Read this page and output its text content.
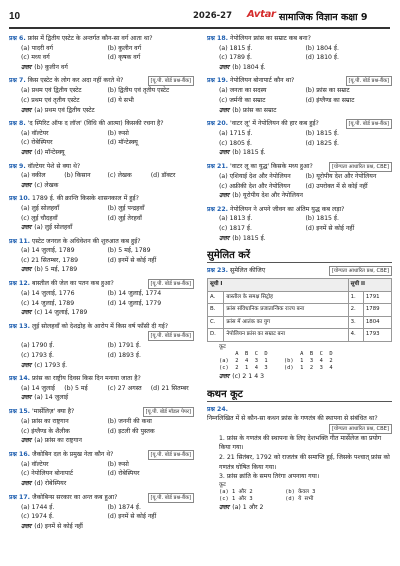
10	2026-27 Avtar सामाजिक विज्ञान कक्षा 9
प्रश्न 6. फ्रांस में द्वितीय एस्टेट के अन्तर्गत कौन-सा वर्ग आता था?
(a) पादरी वर्ग	(b) कुलीन वर्ग
(c) मध्य वर्ग	(d) कृषक वर्ग
उत्तर (b) कुलीन वर्ग
प्रश्न 7. किस एस्टेट के लोग कर अदा नहीं करते थे?	[यू.पी. बोर्ड प्रश्न-बैंक]
(a) प्रथम एवं द्वितीय एस्टेट	(b) द्वितीय एवं तृतीय एस्टेट
(c) प्रथम एवं तृतीय एस्टेट	(d) ये सभी
उत्तर (a) प्रथम एवं द्वितीय एस्टेट
प्रश्न 8. 'द स्पिरिट ऑफ द लॉज' (विधि की आत्मा) किसकी रचना है?
(a) वॉल्टेयर	(b) रूसो
(c) रोबेस्पियर	(d) मॉन्टेस्क्यू
उत्तर (d) मॉन्टेस्क्यू
प्रश्न 9. वॉल्टेयर पेशे से क्या थे?
(a) वकील	(b) किसान	(c) लेखक	(d) डॉक्टर
उत्तर (c) लेखक
प्रश्न 10. 1789 ई. की क्रान्ति किसके शासनकाल में हुई?
(a) लुई सोलहवाँ	(b) लुई पन्द्रहवाँ
(c) लुई चौदहवाँ	(d) लुई तेरहवाँ
उत्तर (a) लुई सोलहवाँ
प्रश्न 11. एस्टेट जनरल के अधिवेशन की शुरुआत कब हुई?
(a) 14 जुलाई, 1789	(b) 5 मई, 1789
(c) 21 सितम्बर, 1789	(d) इनमें से कोई नहीं
उत्तर (b) 5 मई, 1789
प्रश्न 12. बास्तील की जेल का पतन कब हुआ?	[यू.पी. बोर्ड प्रश्न-बैंक]
(a) 14 जुलाई, 1776	(b) 14 जुलाई, 1774
(c) 14 जुलाई, 1789	(d) 14 जुलाई, 1779
उत्तर (c) 14 जुलाई, 1789
प्रश्न 13. लुई सोलहवाँ को देशद्रोह के आरोप में किस वर्ष फाँसी दी गई?
[यू.पी. बोर्ड प्रश्न-बैंक]
(a) 1790 ई.	(b) 1791 ई.
(c) 1793 ई.	(d) 1893 ई.
उत्तर (c) 1793 ई.
प्रश्न 14. फ्रांस का राष्ट्रीय दिवस किस दिन मनाया जाता है?
(a) 14 जुलाई	(b) 5 मई	(c) 27 अगस्त	(d) 21 सितम्बर
उत्तर (a) 14 जुलाई
प्रश्न 15. 'मार्सेलिज़' क्या है?	[यू.पी. बोर्ड मॉडल पेपर]
(a) फ्रांस का राष्ट्रगान	(b) जननी की कथा
(c) इंग्लैण्ड के शैलीक	(d) इटली की पुस्तक
उत्तर (a) फ्रांस का राष्ट्रगान
प्रश्न 16. जैकोबिन दल के प्रमुख नेता कौन थे?	[यू.पी. बोर्ड प्रश्न-बैंक]
(a) वॉल्टेयर	(b) रूसो
(c) नेपोलियन बोनापार्ट	(d) रोबेस्पियर
उत्तर (d) रोबेस्पियर
प्रश्न 17. जैकोबिन्स सरकार का अन्त कब हुआ?	[यू.पी. बोर्ड प्रश्न-बैंक]
(a) 1744 ई.	(b) 1874 ई.
(c) 1974 ई.	(d) इनमें से कोई नहीं
उत्तर (d) इनमें से कोई नहीं
प्रश्न 18. नेपोलियन फ्रांस का सम्राट कब बना?
(a) 1815 ई.	(b) 1804 ई.
(c) 1789 ई.	(d) 1810 ई.
उत्तर (b) 1804 ई.
प्रश्न 19. नेपोलियन बोनापार्ट कौन था?	[यू.पी. बोर्ड प्रश्न-बैंक]
(a) जनता का सदस्य	(b) फ्रांस का सम्राट
(c) जर्मनी का सम्राट	(d) इंग्लैण्ड का सम्राट
उत्तर (b) फ्रांस का सम्राट
प्रश्न 20. 'वाटर लू' में नेपोलियन की हार कब हुई?	[यू.पी. बोर्ड प्रश्न-बैंक]
(a) 1715 ई.	(b) 1815 ई.
(c) 1805 ई.	(d) 1825 ई.
उत्तर (b) 1815 ई.
प्रश्न 21. 'वाटर लू का युद्ध' किसके मध्य हुआ?	[योग्यता आधारित प्रश्न, CBE]
(a) एशियाई देश और नेपोलियन	(b) यूरोपीय देश और नेपोलियन
(c) अफ्रीकी देश और नेपोलियन	(d) उपरोक्त में से कोई नहीं
उत्तर (b) यूरोपीय देश और नेपोलियन
प्रश्न 22. नेपोलियन ने अपने जीवन का अंतिम युद्ध कब लड़ा?
(a) 1813 ई.	(b) 1815 ई.
(c) 1817 ई.	(d) इनमें से कोई नहीं
उत्तर (b) 1815 ई.
सुमेलित करें
प्रश्न 23. सुमेलित कीजिए	[योग्यता आधारित प्रश्न, CBE]
सूची I		सूची II	
A.	बास्तील के समक्ष सिट्रोह	1.	1791
B.	फ्रांस संविधानिक प्रजातान्त्रिक राज्य बना	2.	1789
C.	फ्रांस में आतंक का युग	3.	1804
D.	नेपोलियन फ्रांस का सम्राट बना	4.	1793
कूट
A  B  C  D          A  B  C  D
(a)  2  4  3  1     (b)  1  3  4  2
(c)  2  1  4  3     (d)  1  2  3  4
उत्तर (c) 2 1 4 3
कथन कूट
प्रश्न 24.
निम्नलिखित में से कौन-सा कथन फ्रांस के गणतंत्र की स्थापना से संबंधित था?
[योग्यता आधारित प्रश्न, CBE]
1. फ्रांस के गणतंत्र की स्थापना के लिए देशभक्ति गीत मार्सेलेज का प्रयोग किया गया।
2. 21 सितंबर, 1792 को राजतंत्र की समाप्ति हुई, जिसके पश्चात् फ्रांस को गणतंत्र घोषित किया गया।
3. फ्रांस क्रांति के समय तिरंगा अपनाया गया।
कूट
(a) 1 और 2          (b) केवल 3
(c) 1 और 3          (d) ये सभी
उत्तर (a) 1 और 2
